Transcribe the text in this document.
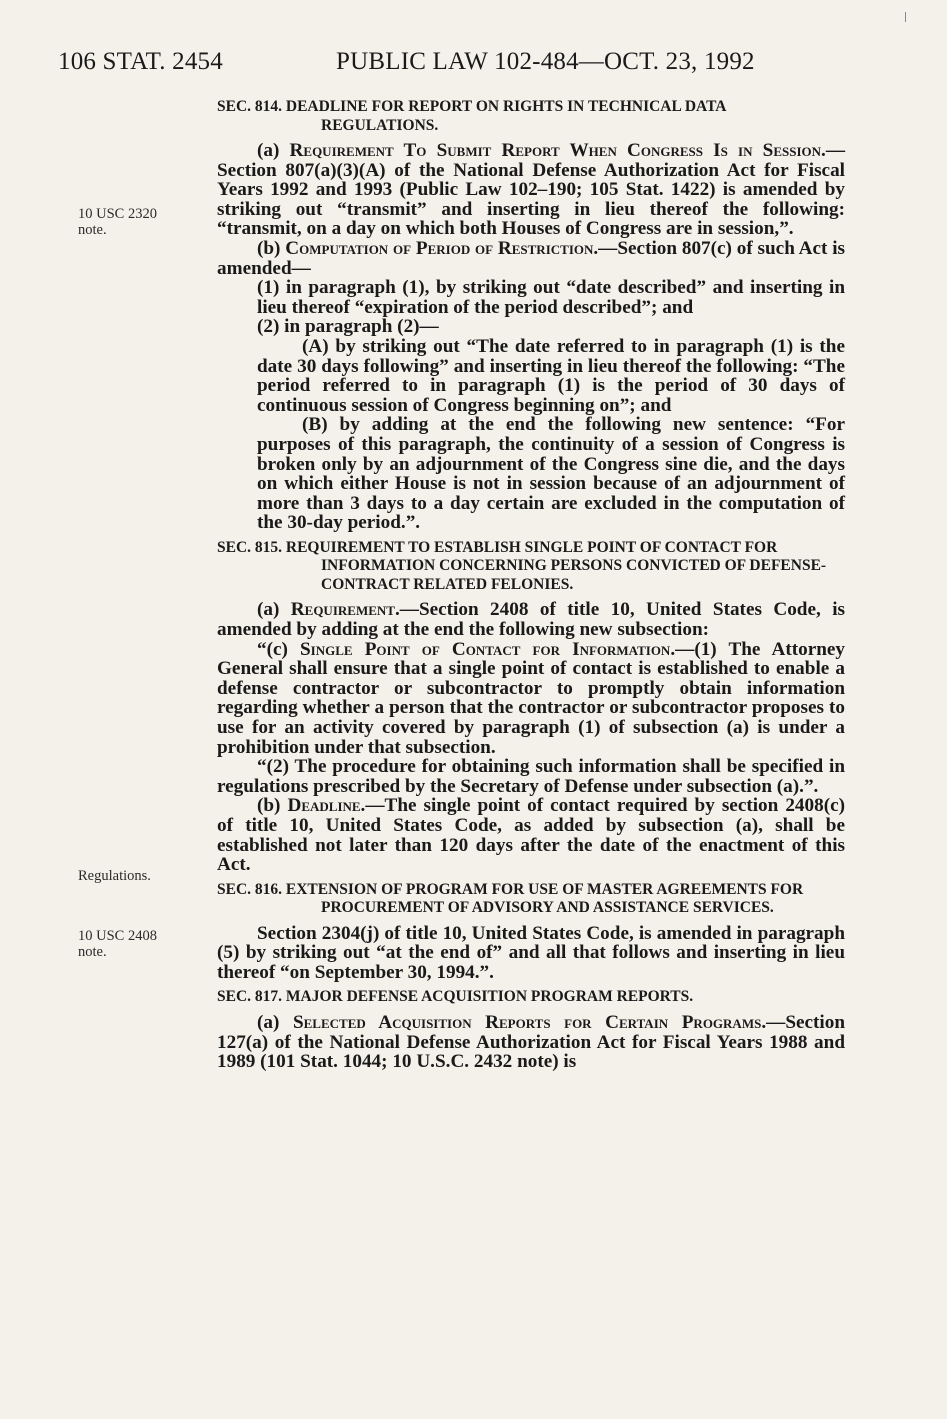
106 STAT. 2454	PUBLIC LAW 102-484—OCT. 23, 1992
10 USC 2320
note.
Regulations.
10 USC 2408
note.
SEC. 814. DEADLINE FOR REPORT ON RIGHTS IN TECHNICAL DATA REGULATIONS.

(a) Requirement To Submit Report When Congress Is in Session.—Section 807(a)(3)(A) of the National Defense Authorization Act for Fiscal Years 1992 and 1993 (Public Law 102–190; 105 Stat. 1422) is amended by striking out “transmit” and inserting in lieu thereof the following: “transmit, on a day on which both Houses of Congress are in session,”.

(b) Computation of Period of Restriction.—Section 807(c) of such Act is amended—

(1) in paragraph (1), by striking out “date described” and inserting in lieu thereof “expiration of the period described”; and

(2) in paragraph (2)—

(A) by striking out “The date referred to in paragraph (1) is the date 30 days following” and inserting in lieu thereof the following: “The period referred to in paragraph (1) is the period of 30 days of continuous session of Congress beginning on”; and

(B) by adding at the end the following new sentence: “For purposes of this paragraph, the continuity of a session of Congress is broken only by an adjournment of the Congress sine die, and the days on which either House is not in session because of an adjournment of more than 3 days to a day certain are excluded in the computation of the 30-day period.”.

SEC. 815. REQUIREMENT TO ESTABLISH SINGLE POINT OF CONTACT FOR INFORMATION CONCERNING PERSONS CONVICTED OF DEFENSE-CONTRACT RELATED FELONIES.

(a) Requirement.—Section 2408 of title 10, United States Code, is amended by adding at the end the following new subsection:

“(c) Single Point of Contact for Information.—(1) The Attorney General shall ensure that a single point of contact is established to enable a defense contractor or subcontractor to promptly obtain information regarding whether a person that the contractor or subcontractor proposes to use for an activity covered by paragraph (1) of subsection (a) is under a prohibition under that subsection.

“(2) The procedure for obtaining such information shall be specified in regulations prescribed by the Secretary of Defense under subsection (a).”.

(b) Deadline.—The single point of contact required by section 2408(c) of title 10, United States Code, as added by subsection (a), shall be established not later than 120 days after the date of the enactment of this Act.

SEC. 816. EXTENSION OF PROGRAM FOR USE OF MASTER AGREEMENTS FOR PROCUREMENT OF ADVISORY AND ASSISTANCE SERVICES.

Section 2304(j) of title 10, United States Code, is amended in paragraph (5) by striking out “at the end of” and all that follows and inserting in lieu thereof “on September 30, 1994.”.

SEC. 817. MAJOR DEFENSE ACQUISITION PROGRAM REPORTS.

(a) Selected Acquisition Reports for Certain Programs.—Section 127(a) of the National Defense Authorization Act for Fiscal Years 1988 and 1989 (101 Stat. 1044; 10 U.S.C. 2432 note) is
